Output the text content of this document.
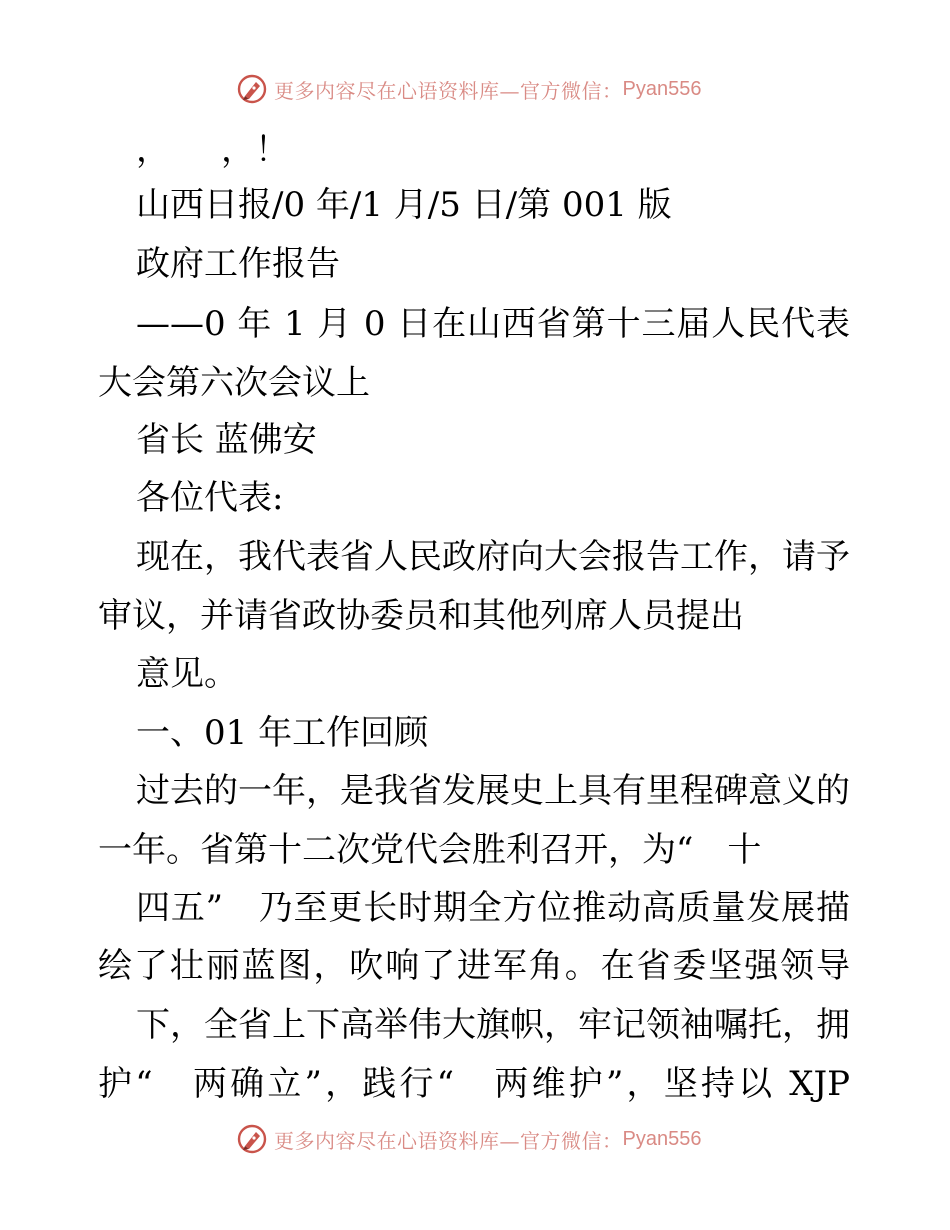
更多内容尽在心语资料库—官方微信： Pyan556
，　　，！
山西日报/0 年/1 月/5 日/第 001 版
政府工作报告
——0 年 1 月 0 日在山西省第十三届人民代表
大会第六次会议上
省长 蓝佛安
各位代表:
现在，我代表省人民政府向大会报告工作，请予
审议，并请省政协委员和其他列席人员提出
意见。
一、01 年工作回顾
过去的一年，是我省发展史上具有里程碑意义的
一年。省第十二次党代会胜利召开，为“　十
四五”　乃至更长时期全方位推动高质量发展描
绘了壮丽蓝图，吹响了进军角。在省委坚强领导
下，全省上下高举伟大旗帜，牢记领袖嘱托，拥
护“　两确立”，践行“　两维护”，坚持以 XJP
更多内容尽在心语资料库—官方微信： Pyan556
